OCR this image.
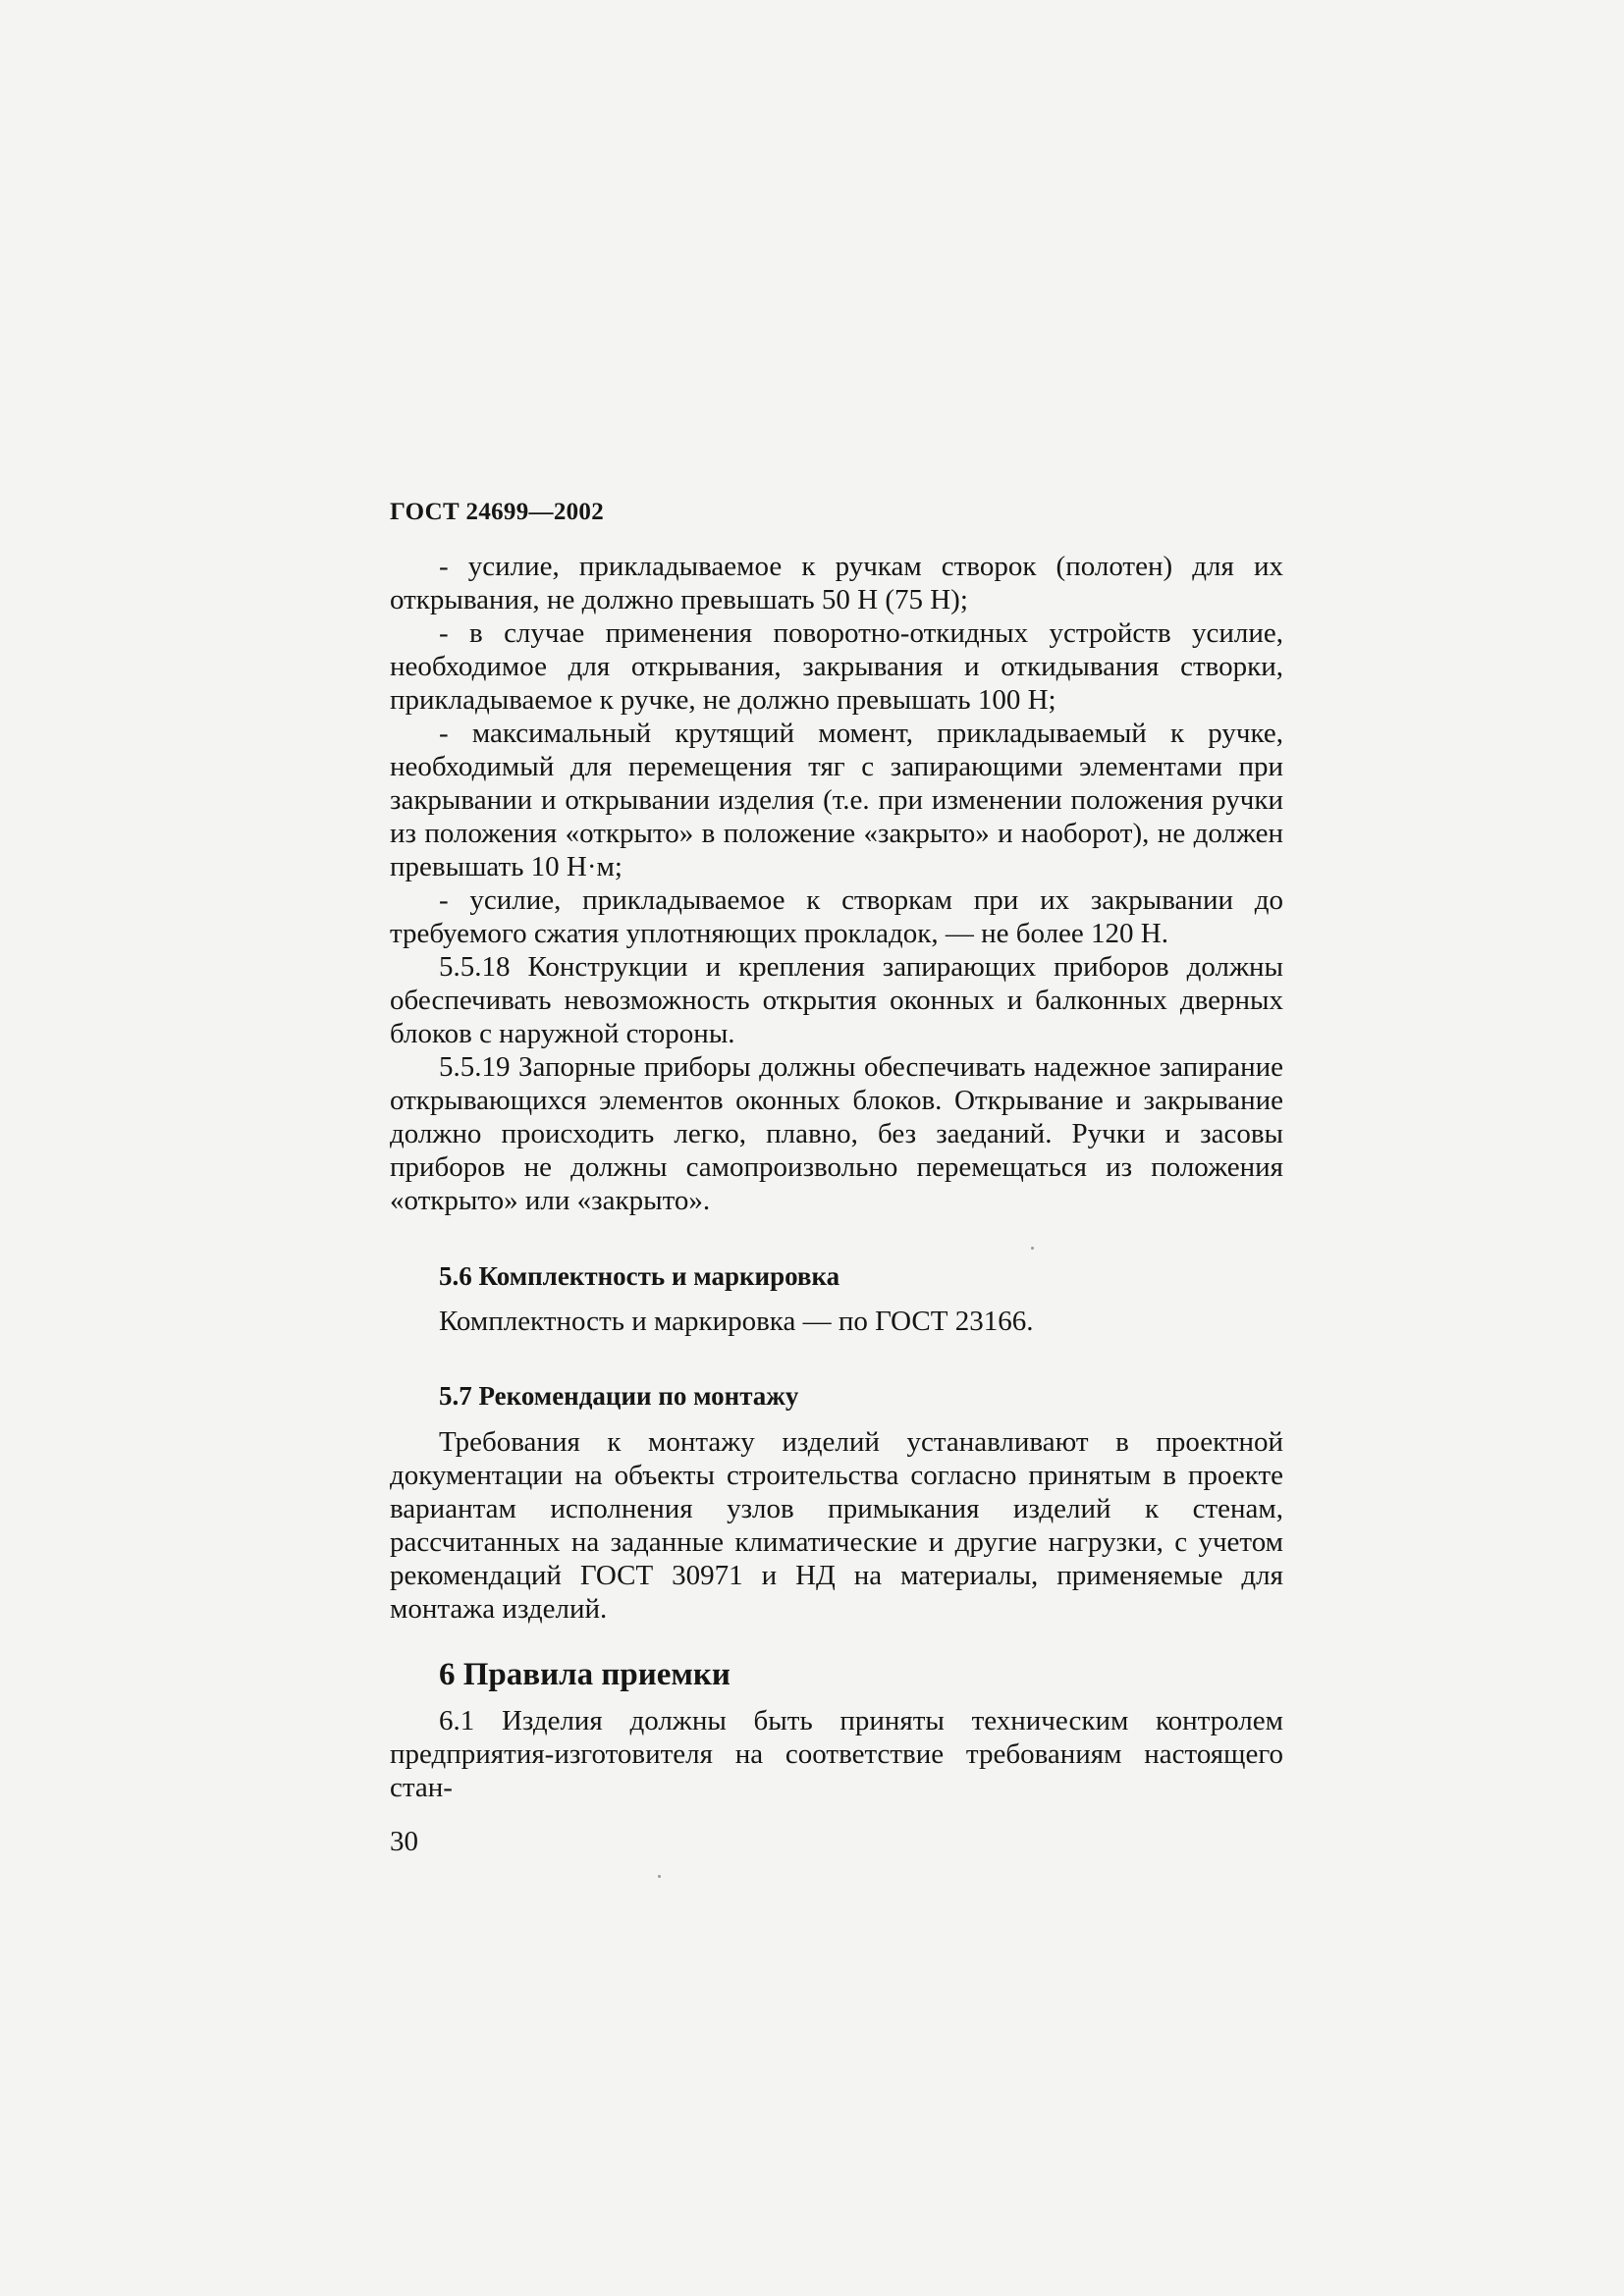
ГОСТ 24699—2002

- усилие, прикладываемое к ручкам створок (полотен) для их открывания, не должно превышать 50 Н (75 Н);

- в случае применения поворотно-откидных устройств усилие, необходимое для открывания, закрывания и откидывания створки, прикладываемое к ручке, не должно превышать 100 Н;

- максимальный крутящий момент, прикладываемый к ручке, необходимый для перемещения тяг с запирающими элементами при закрывании и открывании изделия (т.е. при изменении положения ручки из положения «открыто» в положение «закрыто» и наоборот), не должен превышать 10 Н·м;

- усилие, прикладываемое к створкам при их закрывании до требуемого сжатия уплотняющих прокладок, — не более 120 Н.

5.5.18 Конструкции и крепления запирающих приборов должны обеспечивать невозможность открытия оконных и балконных дверных блоков с наружной стороны.

5.5.19 Запорные приборы должны обеспечивать надежное запирание открывающихся элементов оконных блоков. Открывание и закрывание должно происходить легко, плавно, без заеданий. Ручки и засовы приборов не должны самопроизвольно перемещаться из положения «открыто» или «закрыто».

5.6 Комплектность и маркировка

Комплектность и маркировка — по ГОСТ 23166.

5.7 Рекомендации по монтажу

Требования к монтажу изделий устанавливают в проектной документации на объекты строительства согласно принятым в проекте вариантам исполнения узлов примыкания изделий к стенам, рассчитанных на заданные климатические и другие нагрузки, с учетом рекомендаций ГОСТ 30971 и НД на материалы, применяемые для монтажа изделий.

6 Правила приемки

6.1 Изделия должны быть приняты техническим контролем предприятия-изготовителя на соответствие требованиям настоящего стан-

30
